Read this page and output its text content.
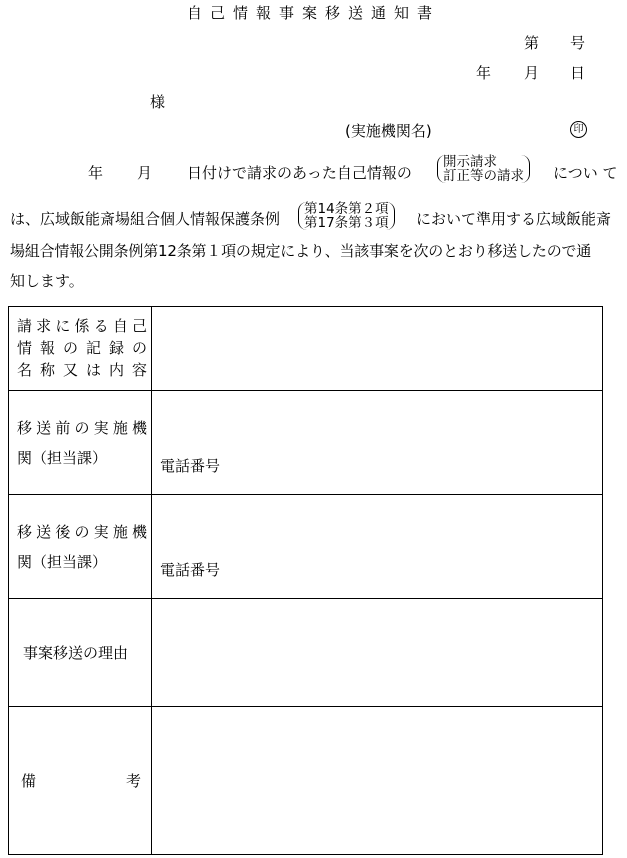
自己情報事案移送通知書
第 号
年 月 日
様
(実施機関名)	印
年 月 日付けで請求のあった自己情報の
開示請求
訂正等の請求 につい て
は、広域飯能斎場組合個人情報保護条例
第14条第２項
第17条第３項 において準用する広域飯能斎
場組合情報公開条例第12条第１項の規定により、当該事案を次のとおり移送したので通
知します。
請求に係る自己
情報の記録の
名称又は内容	

移送前の実施機
関（担当課）	電話番号

移送後の実施機
関（担当課）	電話番号

事案移送の理由	

備 考	
